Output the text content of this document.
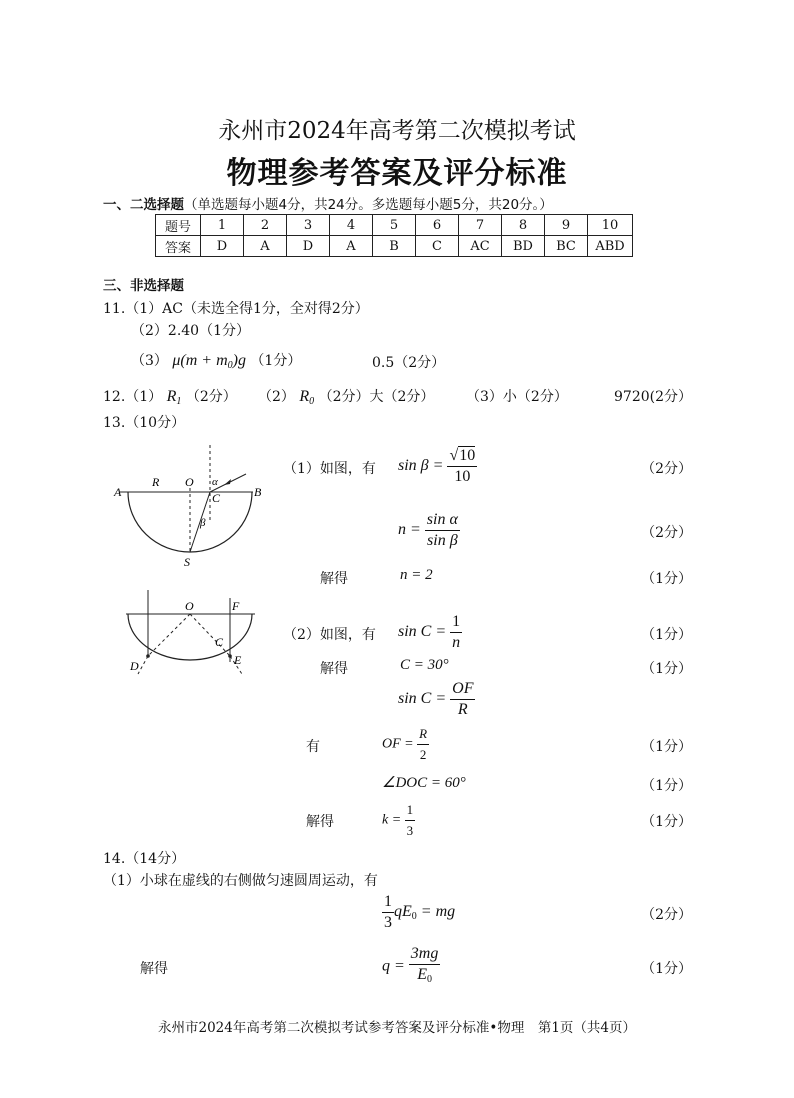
永州市2024年高考第二次模拟考试
物理参考答案及评分标准
一、二选择题（单选题每小题4分，共24分。多选题每小题5分，共20分。）
题号	1	2	3	4	5	6	7	8	9	10
答案	D	A	D	A	B	C	AC	BD	BC	ABD
三、非选择题
11.（1）AC（未选全得1分，全对得2分）
（2）2.40（1分）
（3） $\mu(m + m_0)g$ （1分）	0.5（2分）
12.（1） $R_1$ （2分） （2） $R_0$ （2分）大（2分） （3）小（2分）	9720(2分）
13.（10分）
A
R O α
C	B
β
S
（1）如图，有 $\sin \beta = \frac{√10}{10}$	（2分）
$n = \frac{\text{sin α}}{\text{sin β}}$	（2分）
解得	n = 2	（1分）
O	F
C
D	E
（2）如图，有 $\sin C = \frac{1}{n}$	（1分）
解得	C = 30°	（1分）
$\sin C = \frac{OF}{R}$
有	OF = $\frac{R}{2}$	（1分）
∠DOC = 60°	（1分）
解得	$k = \frac{1}{3}$	（1分）
14.（14分）
（1）小球在虚线的右侧做匀速圆周运动，有
$\frac{1}{3} qE_0$ = mg	（2分）
解得	$q = \frac{3mg}{E_0}$	（1分）
永州市2024年高考第二次模拟考试参考答案及评分标准•物理　第1页（共4页）
